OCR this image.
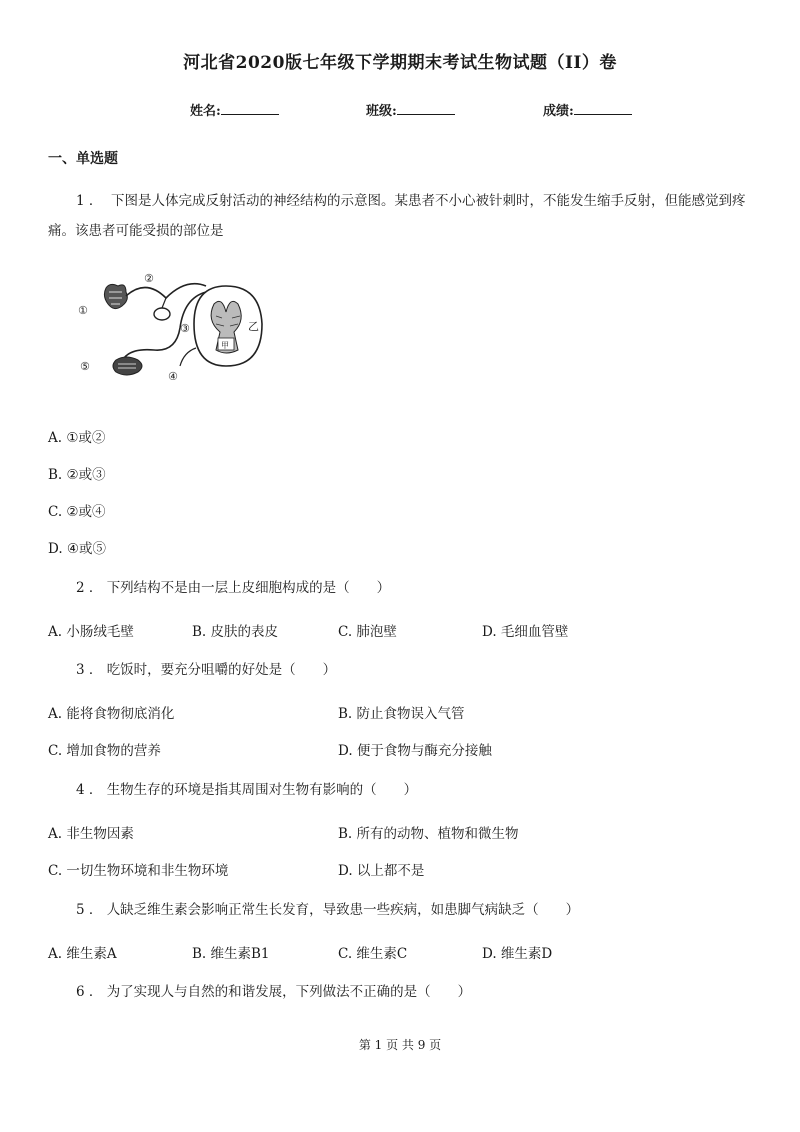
河北省2020版七年级下学期期末考试生物试题（II）卷
姓名:	班级:	成绩:
一、单选题
1 ． 下图是人体完成反射活动的神经结构的示意图。某患者不小心被针刺时，不能发生缩手反射，但能感觉到疼痛。该患者可能受损的部位是
①
②
③
④
⑤
乙
甲
A. ①或②
B. ②或③
C. ②或④
D. ④或⑤
2 ． 下列结构不是由一层上皮细胞构成的是（　　）
A. 小肠绒毛壁	B. 皮肤的表皮	C. 肺泡壁	D. 毛细血管壁
3 ． 吃饭时，要充分咀嚼的好处是（　　）
A. 能将食物彻底消化	B. 防止食物误入气管
C. 增加食物的营养	D. 便于食物与酶充分接触
4 ． 生物生存的环境是指其周围对生物有影响的（　　）
A. 非生物因素	B. 所有的动物、植物和微生物
C. 一切生物环境和非生物环境	D. 以上都不是
5 ． 人缺乏维生素会影响正常生长发育，导致患一些疾病，如患脚气病缺乏（　　）
A. 维生素A	B. 维生素B1	C. 维生素C	D. 维生素D
6 ． 为了实现人与自然的和谐发展，下列做法不正确的是（　　）
第 1 页 共 9 页
